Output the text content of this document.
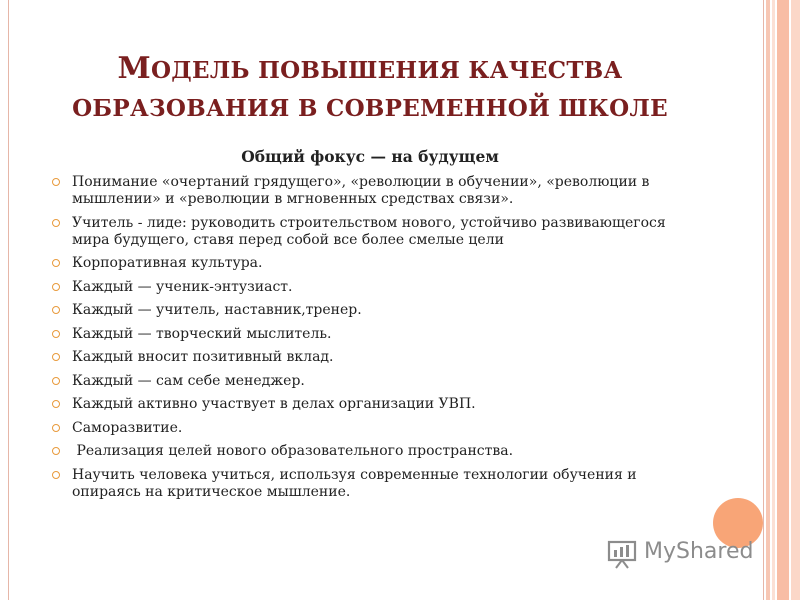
МОДЕЛЬ ПОВЫШЕНИЯ КАЧЕСТВА
ОБРАЗОВАНИЯ В СОВРЕМЕННОЙ ШКОЛЕ
Общий фокус — на будущем
Понимание «очертаний грядущего», «революции в обучении», «революции в мышлении» и «революции в мгновенных средствах связи».
Учитель - лиде: руководить строительством нового, устойчиво развивающегося мира будущего, ставя перед собой все более смелые цели
Корпоративная культура.
Каждый — ученик-энтузиаст.
Каждый — учитель, наставник,тренер.
Каждый — творческий мыслитель.
Каждый вносит позитивный вклад.
Каждый — сам себе менеджер.
Каждый активно участвует в делах организации УВП.
Саморазвитие.
Реализация целей нового образовательного пространства.
Научить человека учиться, используя современные технологии обучения и опираясь на критическое мышление.
MyShared
